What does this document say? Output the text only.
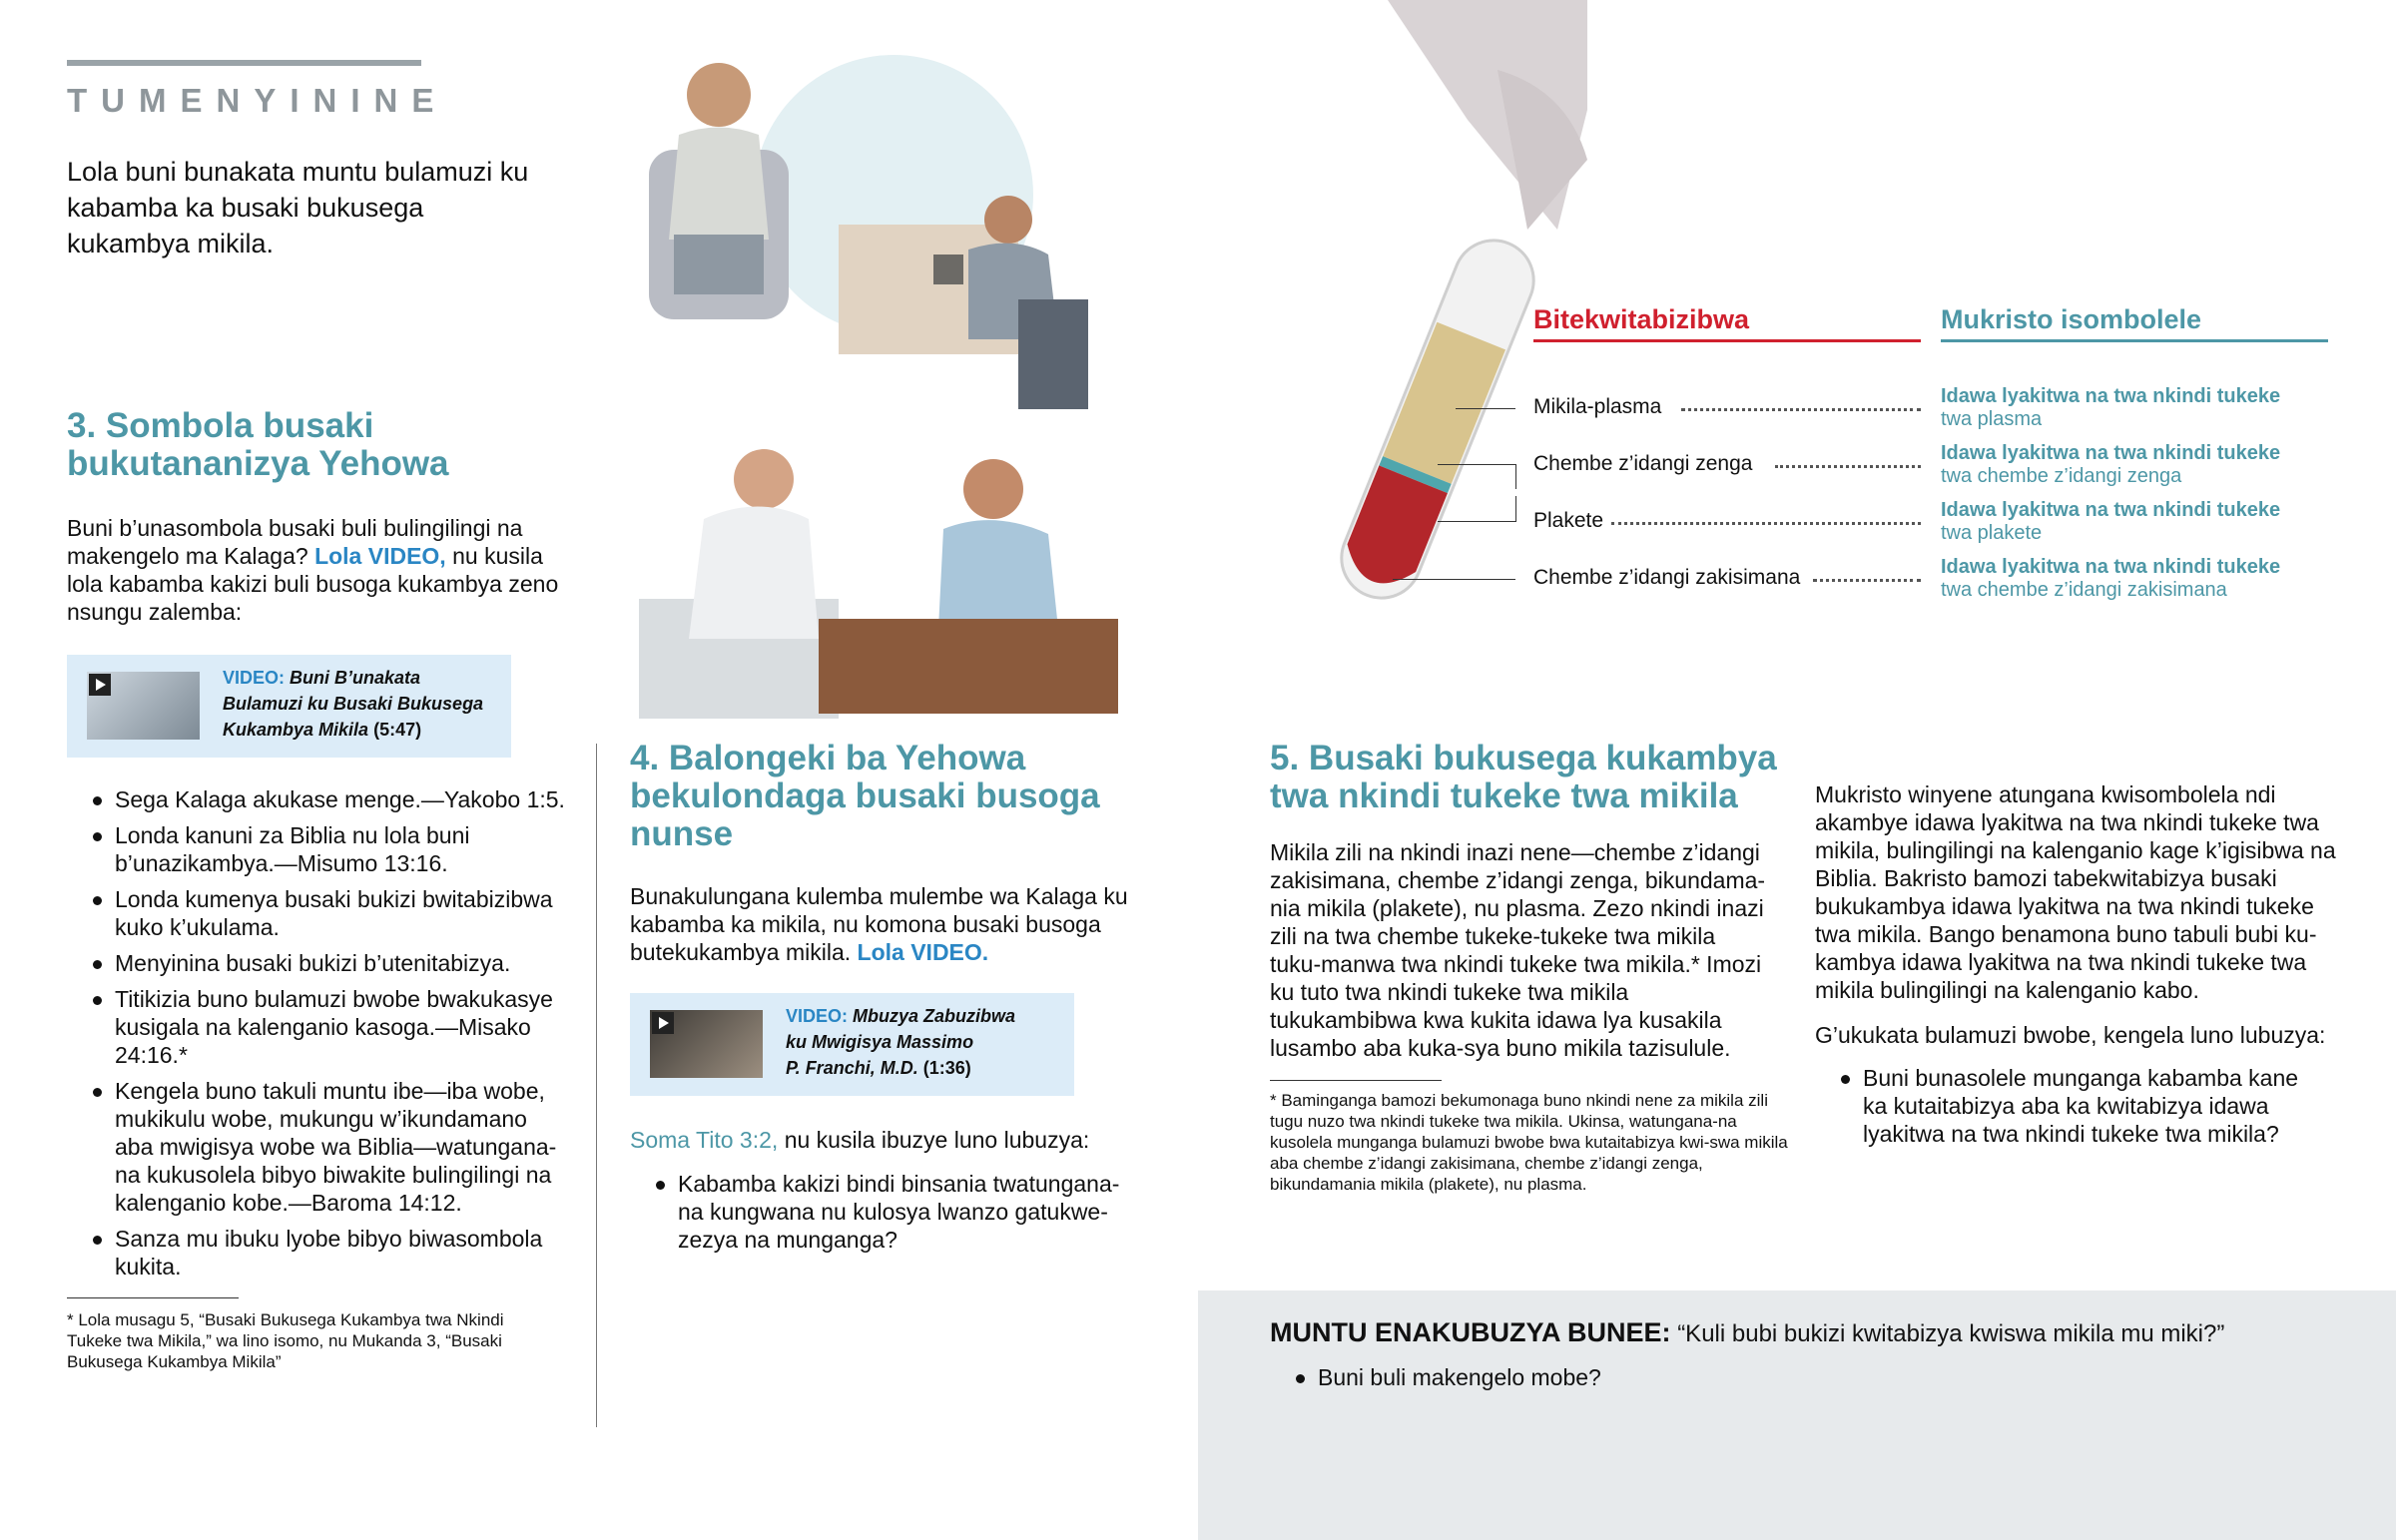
TUMENYININE
Lola buni bunakata muntu bulamuzi ku kabamba ka busaki bukusega kukambya mikila.
3. Sombola busaki
bukutananizya Yehowa
Buni b’unasombola busaki buli bulingilingi na makengelo ma Kalaga? Lola VIDEO, nu kusila lola kabamba kakizi buli busoga kukambya zeno nsungu zalemba:
VIDEO: Buni B’unakata
Bulamuzi ku Busaki Bukusega
Kukambya Mikila (5:47)
Sega Kalaga akukase menge.—Yakobo 1:5.
Londa kanuni za Biblia nu lola buni b’unazikambya.—Misumo 13:16.
Londa kumenya busaki bukizi bwitabizibwa kuko k’ukulama.
Menyinina busaki bukizi b’utenitabizya.
Titikizia buno bulamuzi bwobe bwakukasye kusigala na kalenganio kasoga.—Misako 24:16.*
Kengela buno takuli muntu ibe—iba wobe, mukikulu wobe, mukungu w’ikundamano aba mwigisya wobe wa Biblia—watungana-na kukusolela bibyo biwakite bulingilingi na kalenganio kobe.—Baroma 14:12.
Sanza mu ibuku lyobe bibyo biwasombola kukita.
* Lola musagu 5, “Busaki Bukusega Kukambya twa Nkindi Tukeke twa Mikila,” wa lino isomo, nu Mukanda 3, “Busaki Bukusega Kukambya Mikila”
4. Balongeki ba Yehowa
bekulondaga busaki busoga
nunse
Bunakulungana kulemba mulembe wa Kalaga ku kabamba ka mikila, nu komona busaki busoga butekukambya mikila. Lola VIDEO.
VIDEO: Mbuzya Zabuzibwa
ku Mwigisya Massimo
P. Franchi, M.D. (1:36)
Soma Tito 3:2, nu kusila ibuzye luno lubuzya:
Kabamba kakizi bindi binsania twatungana-na kungwana nu kulosya lwanzo gatukwe-zezya na munganga?
Bitekwitabizibwa	Mukristo isombolele
Mikila-plasma	Idawa lyakitwa na twa nkindi tukeke
twa plasma
Chembe z’idangi zenga	Idawa lyakitwa na twa nkindi tukeke
twa chembe z’idangi zenga
Plakete	Idawa lyakitwa na twa nkindi tukeke
twa plakete
Chembe z’idangi zakisimana	Idawa lyakitwa na twa nkindi tukeke
twa chembe z’idangi zakisimana
5. Busaki bukusega kukambya
twa nkindi tukeke twa mikila
Mikila zili na nkindi inazi nene—chembe z’idangi zakisimana, chembe z’idangi zenga, bikundama-nia mikila (plakete), nu plasma. Zezo nkindi inazi zili na twa chembe tukeke-tukeke twa mikila tuku-manwa twa nkindi tukeke twa mikila.* Imozi ku tuto twa nkindi tukeke twa mikila tukukambibwa kwa kukita idawa lya kusakila lusambo aba kuka-sya buno mikila tazisulule.
* Baminganga bamozi bekumonaga buno nkindi nene za mikila zili tugu nuzo twa nkindi tukeke twa mikila. Ukinsa, watungana-na kusolela munganga bulamuzi bwobe bwa kutaitabizya kwi-swa mikila aba chembe z’idangi zakisimana, chembe z’idangi zenga, bikundamania mikila (plakete), nu plasma.
Mukristo winyene atungana kwisombolela ndi akambye idawa lyakitwa na twa nkindi tukeke twa mikila, bulingilingi na kalenganio kage k’igisibwa na Biblia. Bakristo bamozi tabekwitabizya busaki bukukambya idawa lyakitwa na twa nkindi tukeke twa mikila. Bango benamona buno tabuli bubi ku-kambya idawa lyakitwa na twa nkindi tukeke twa mikila bulingilingi na kalenganio kabo.
G’ukukata bulamuzi bwobe, kengela luno lubuzya:
Buni bunasolele munganga kabamba kane ka kutaitabizya aba ka kwitabizya idawa lyakitwa na twa nkindi tukeke twa mikila?
MUNTU ENAKUBUZYA BUNEE: “Kuli bubi bukizi kwitabizya kwiswa mikila mu miki?”
Buni buli makengelo mobe?
